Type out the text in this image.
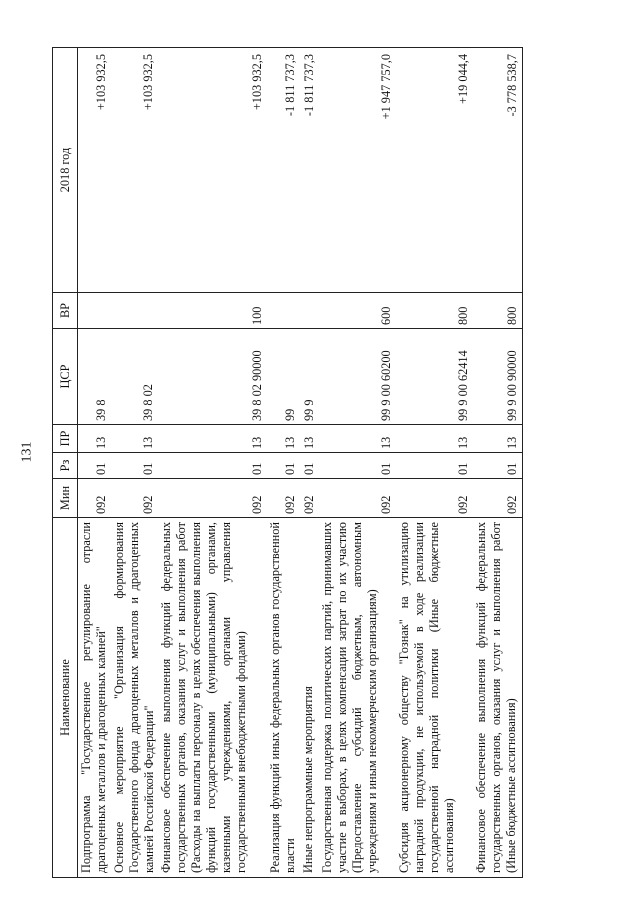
131
Наименование	Мин	Рз	ПР	ЦСР	ВР	2018 год
Подпрограмма "Государственное регулирование отрасли драгоценных металлов и драгоценных камней"	092	01	13	39 8		+103 932,5
Основное мероприятие "Организация формирования Государственного фонда драгоценных металлов и драгоценных камней Российской Федерации"	092	01	13	39 8 02		+103 932,5
Финансовое обеспечение выполнения функций федеральных государственных органов, оказания услуг и выполнения работ (Расходы на выплаты персоналу в целях обеспечения выполнения функций государственными (муниципальными) органами, казенными учреждениями, органами управления государственными внебюджетными фондами)	092	01	13	39 8 02 90000	100	+103 932,5
Реализация функций иных федеральных органов государственной власти	092	01	13	99		-1 811 737,3
Иные непрограммные мероприятия	092	01	13	99 9		-1 811 737,3
Государственная поддержка политических партий, принимавших участие в выборах, в целях компенсации затрат по их участию (Предоставление субсидий бюджетным, автономным учреждениям и иным некоммерческим организациям)	092	01	13	99 9 00 60200	600	+1 947 757,0
Субсидия акционерному обществу "Гознак" на утилизацию наградной продукции, не используемой в ходе реализации государственной наградной политики (Иные бюджетные ассигнования)	092	01	13	99 9 00 62414	800	+19 044,4
Финансовое обеспечение выполнения функций федеральных государственных органов, оказания услуг и выполнения работ (Иные бюджетные ассигнования)	092	01	13	99 9 00 90000	800	-3 778 538,7
